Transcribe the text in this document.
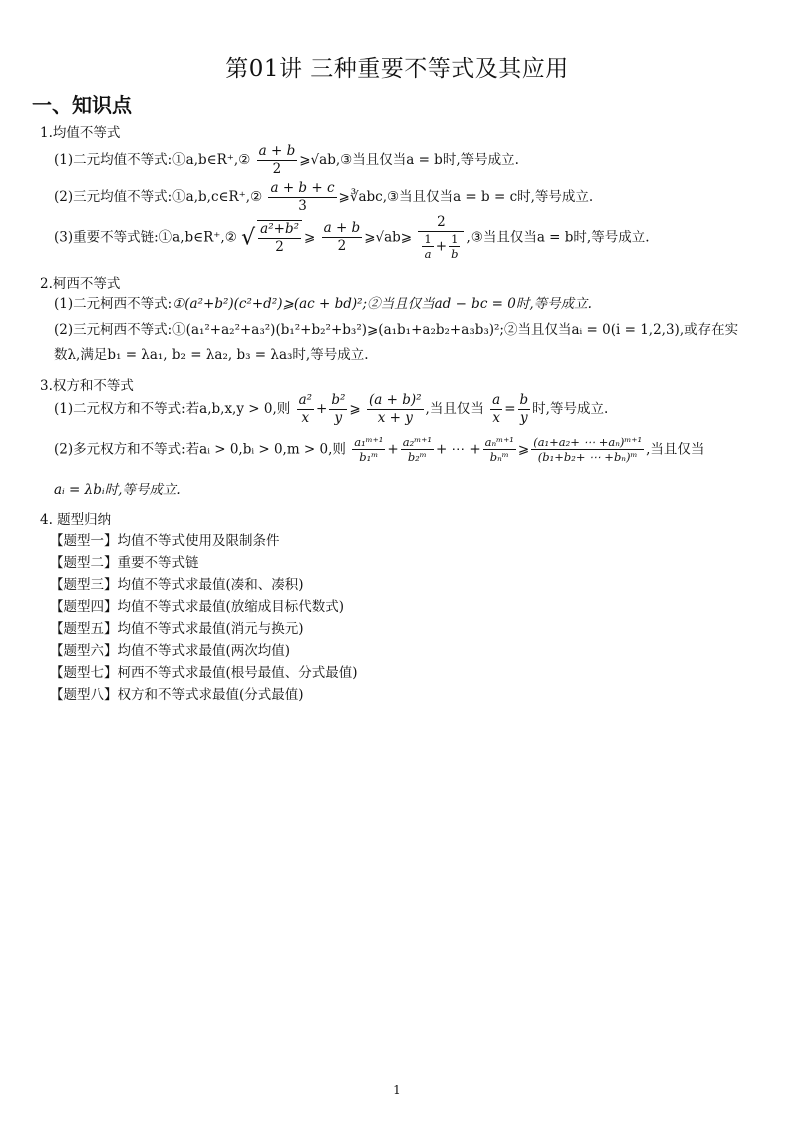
第01讲 三种重要不等式及其应用
一、知识点
1.均值不等式
(1)二元均值不等式:①a,b∈R⁺,② $\frac{a + b}{2}$ ⩾√ab,③当且仅当a = b时,等号成立.
(2)三元均值不等式:①a,b,c∈R⁺,② $\frac{a + b + c}{3}$ ⩾∛abc,③当且仅当a = b = c时,等号成立.
(3)重要不等式链:①a,b∈R⁺,② √ $\frac{\text{a²+b²}}{2}$ ⩾ $\frac{a + b}{2}$ ⩾√ab⩾ $\frac{2}{\frac{1}{a} + \frac{1}{b}}$ ,③当且仅当a = b时,等号成立.
2.柯西不等式
(1)二元柯西不等式:①(a²+b²)(c²+d²)⩾(ac + bd)²;②当且仅当ad − bc = 0时,等号成立.
(2)三元柯西不等式:①(a₁²+a₂²+a₃²)(b₁²+b₂²+b₃²)⩾(a₁b₁+a₂b₂+a₃b₃)²;②当且仅当aᵢ = 0(i = 1,2,3),或存在实
数λ,满足b₁ = λa₁, b₂ = λa₂, b₃ = λa₃时,等号成立.
3.权方和不等式
(1)二元权方和不等式:若a,b,x,y > 0,则 $\frac{\text{a²}}{x} + \frac{\text{b²}}{y}$ ⩾ $\frac{\text{(a + b)²}}{x + y}$ ,当且仅当 $\frac{a}{x} = \frac{b}{y}$ 时,等号成立.
(2)多元权方和不等式:若aᵢ > 0,bᵢ > 0,m > 0,则 $\frac{\text{a₁ᵐ⁺¹}}{\text{b₁ᵐ}} + \frac{\text{a₂ᵐ⁺¹}}{\text{b₂ᵐ}}$ + ⋯ + $\frac{\text{aₙᵐ⁺¹}}{\text{bₙᵐ}}$ ⩾ $\frac{\text{(a₁+a₂+ ⋯ +aₙ)ᵐ⁺¹}}{\text{(b₁+b₂+ ⋯ +bₙ)ᵐ}}$ ,当且仅当
aᵢ = λbᵢ时,等号成立.
4. 题型归纳
【题型一】均值不等式使用及限制条件
【题型二】重要不等式链
【题型三】均值不等式求最值(凑和、凑积)
【题型四】均值不等式求最值(放缩成目标代数式)
【题型五】均值不等式求最值(消元与换元)
【题型六】均值不等式求最值(两次均值)
【题型七】柯西不等式求最值(根号最值、分式最值)
【题型八】权方和不等式求最值(分式最值)
1
